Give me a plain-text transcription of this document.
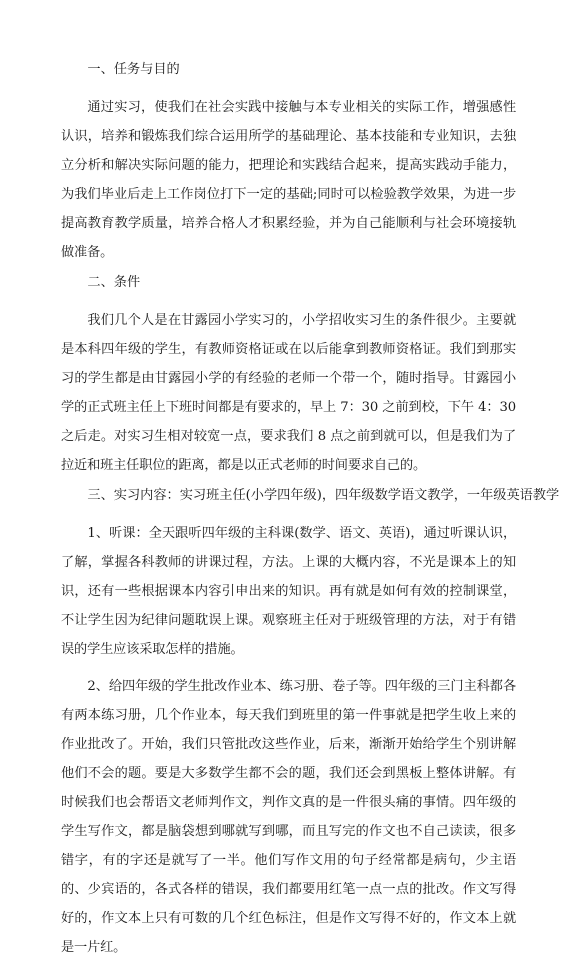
一、任务与目的
通过实习，使我们在社会实践中接触与本专业相关的实际工作，增强感性认识，培养和锻炼我们综合运用所学的基础理论、基本技能和专业知识，去独立分析和解决实际问题的能力，把理论和实践结合起来，提高实践动手能力，为我们毕业后走上工作岗位打下一定的基础;同时可以检验教学效果，为进一步提高教育教学质量，培养合格人才积累经验，并为自己能顺利与社会环境接轨做准备。
二、条件
我们几个人是在甘露园小学实习的，小学招收实习生的条件很少。主要就是本科四年级的学生，有教师资格证或在以后能拿到教师资格证。我们到那实习的学生都是由甘露园小学的有经验的老师一个带一个，随时指导。甘露园小学的正式班主任上下班时间都是有要求的，早上 7：30 之前到校，下午 4：30 之后走。对实习生相对较宽一点，要求我们 8 点之前到就可以，但是我们为了拉近和班主任职位的距离，都是以正式老师的时间要求自己的。
三、实习内容：实习班主任(小学四年级)，四年级数学语文教学，一年级英语教学
1、听课：全天跟听四年级的主科课(数学、语文、英语)，通过听课认识，了解，掌握各科教师的讲课过程，方法。上课的大概内容，不光是课本上的知识，还有一些根据课本内容引申出来的知识。再有就是如何有效的控制课堂，不让学生因为纪律问题耽误上课。观察班主任对于班级管理的方法，对于有错误的学生应该采取怎样的措施。
2、给四年级的学生批改作业本、练习册、卷子等。四年级的三门主科都各有两本练习册，几个作业本，每天我们到班里的第一件事就是把学生收上来的作业批改了。开始，我们只管批改这些作业，后来，渐渐开始给学生个别讲解他们不会的题。要是大多数学生都不会的题，我们还会到黑板上整体讲解。有时候我们也会帮语文老师判作文，判作文真的是一件很头痛的事情。四年级的学生写作文，都是脑袋想到哪就写到哪，而且写完的作文也不自己读读，很多错字，有的字还是就写了一半。他们写作文用的句子经常都是病句，少主语的、少宾语的，各式各样的错误，我们都要用红笔一点一点的批改。作文写得好的，作文本上只有可数的几个红色标注，但是作文写得不好的，作文本上就是一片红。
